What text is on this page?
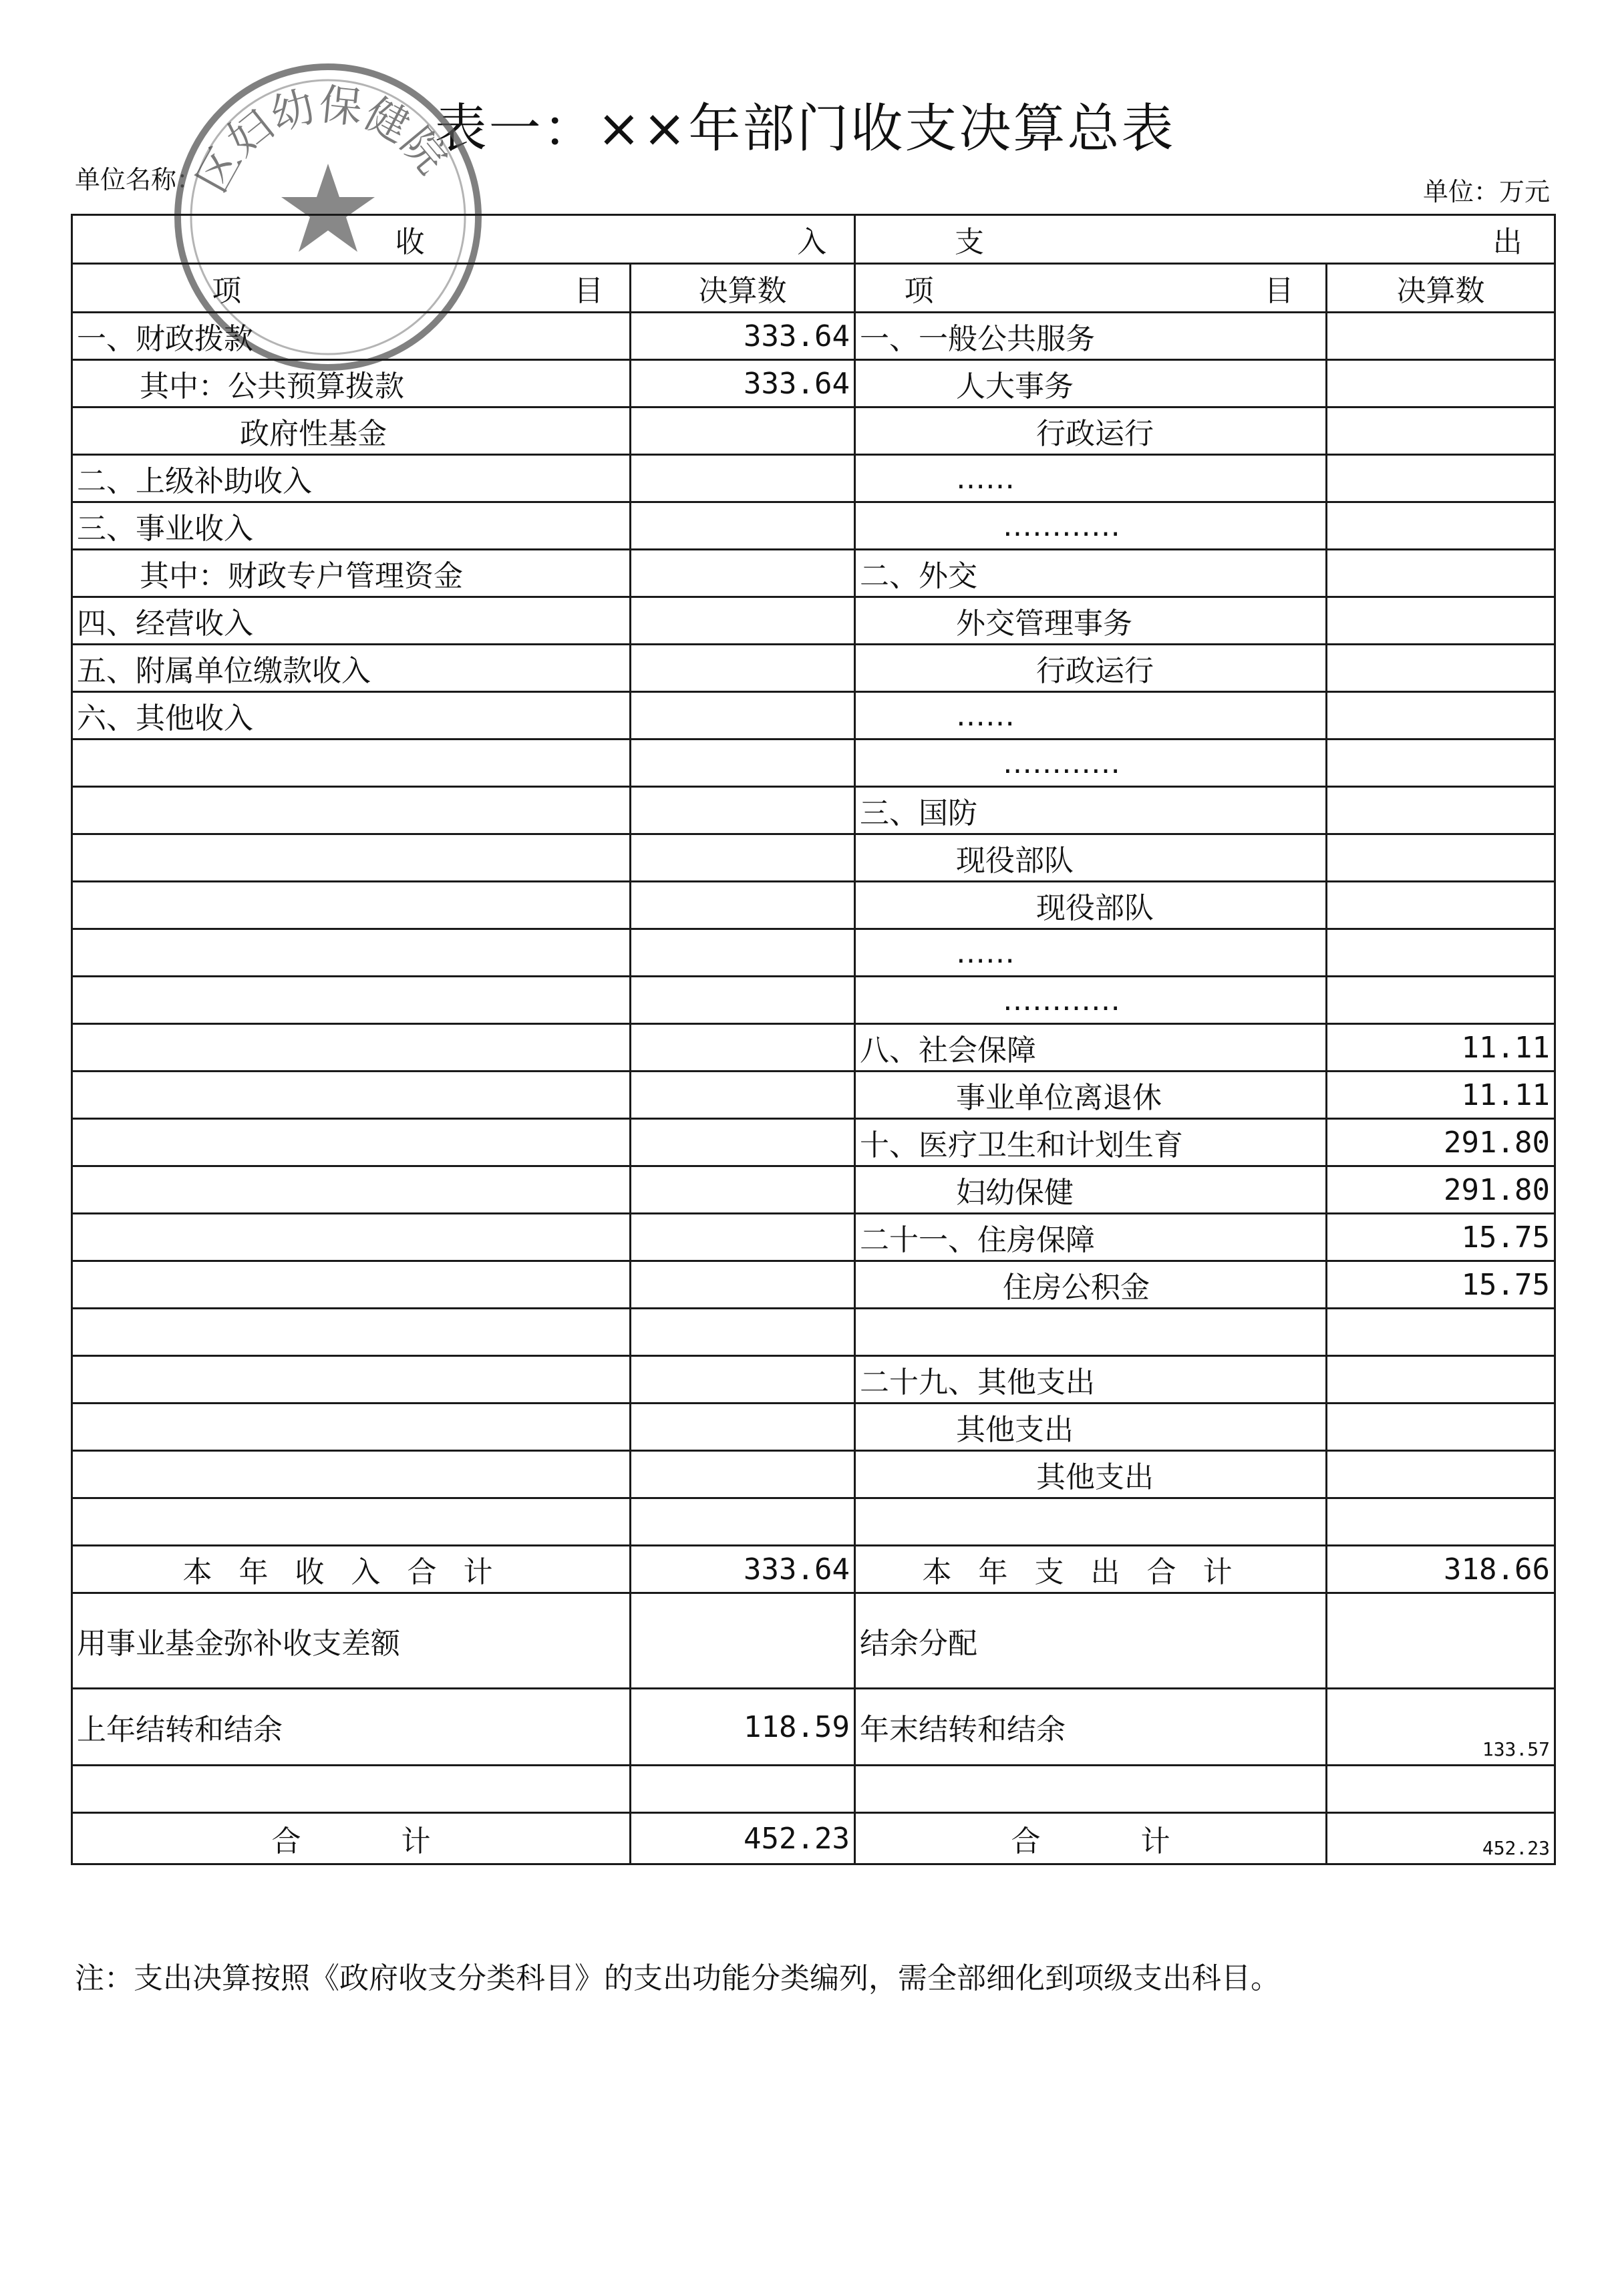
表一：××年部门收支决算总表
单位名称：	单位：万元
区妇幼保健院
收 入		支 出	
项 目	决算数	项 目	决算数
一、财政拨款	333.64	一、一般公共服务	
其中：公共预算拨款	333.64	人大事务	
政府性基金		行政运行	
二、上级补助收入		……	
三、事业收入		…………	
其中：财政专户管理资金		二、外交	
四、经营收入		外交管理事务	
五、附属单位缴款收入		行政运行	
六、其他收入		……	
		…………	
		三、国防	
		现役部队	
		现役部队	
		……	
		…………	
		八、社会保障	11.11
		事业单位离退休	11.11
		十、医疗卫生和计划生育	291.80
		妇幼保健	291.80
		二十一、住房保障	15.75
		住房公积金	15.75

		二十九、其他支出	
		其他支出	
		其他支出	

本年收入合计	333.64	本年支出合计	318.66
用事业基金弥补收支差额		结余分配	
上年结转和结余	118.59	年末结转和结余	133.57

合 计	452.23	合 计	452.23
注：支出决算按照《政府收支分类科目》的支出功能分类编列，需全部细化到项级支出科目。
